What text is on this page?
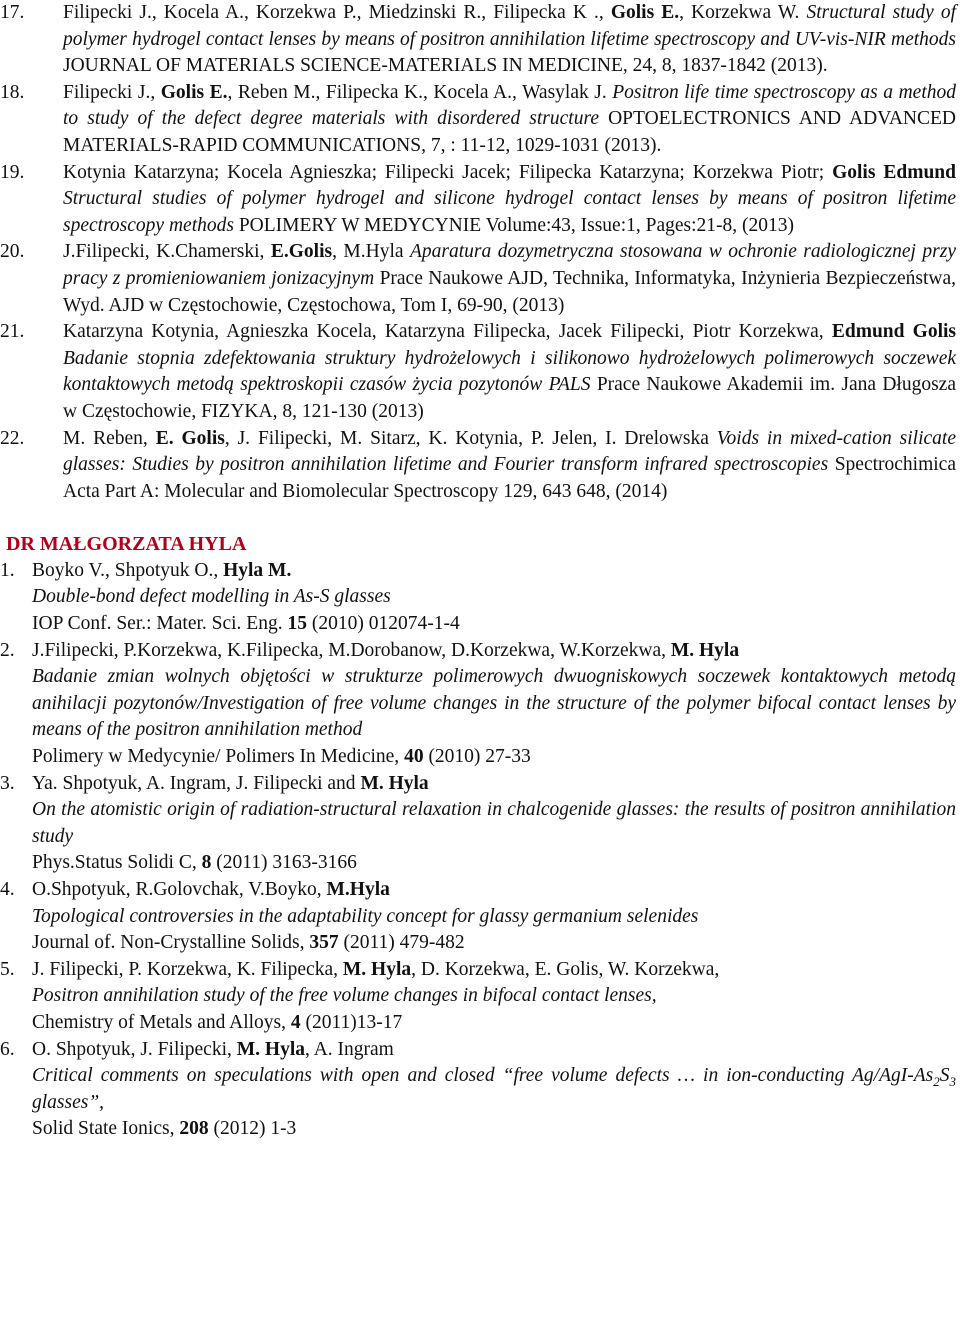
17. Filipecki J., Kocela A., Korzekwa P., Miedzinski R., Filipecka K ., Golis E., Korzekwa W. Structural study of polymer hydrogel contact lenses by means of positron annihilation lifetime spectroscopy and UV-vis-NIR methods JOURNAL OF MATERIALS SCIENCE-MATERIALS IN MEDICINE, 24, 8, 1837-1842 (2013).

18. Filipecki J., Golis E., Reben M., Filipecka K., Kocela A., Wasylak J. Positron life time spectroscopy as a method to study of the defect degree materials with disordered structure OPTOELECTRONICS AND ADVANCED MATERIALS-RAPID COMMUNICATIONS, 7, : 11-12, 1029-1031 (2013).

19. Kotynia Katarzyna; Kocela Agnieszka; Filipecki Jacek; Filipecka Katarzyna; Korzekwa Piotr; Golis Edmund Structural studies of polymer hydrogel and silicone hydrogel contact lenses by means of positron lifetime spectroscopy methods POLIMERY W MEDYCYNIE Volume:43, Issue:1, Pages:21-8, (2013)

20. J.Filipecki, K.Chamerski, E.Golis, M.Hyla Aparatura dozymetryczna stosowana w ochronie radiologicznej przy pracy z promieniowaniem jonizacyjnym Prace Naukowe AJD, Technika, Informatyka, Inżynieria Bezpieczeństwa, Wyd. AJD w Częstochowie, Częstochowa, Tom I, 69-90, (2013)

21. Katarzyna Kotynia, Agnieszka Kocela, Katarzyna Filipecka, Jacek Filipecki, Piotr Korzekwa, Edmund Golis Badanie stopnia zdefektowania struktury hydrożelowych i silikonowo hydrożelowych polimerowych soczewek kontaktowych metodą spektroskopii czasów życia pozytonów PALS Prace Naukowe Akademii im. Jana Długosza w Częstochowie, FIZYKA, 8, 121-130 (2013)

22. M. Reben, E. Golis, J. Filipecki, M. Sitarz, K. Kotynia, P. Jelen, I. Drelowska Voids in mixed-cation silicate glasses: Studies by positron annihilation lifetime and Fourier transform infrared spectroscopies Spectrochimica Acta Part A: Molecular and Biomolecular Spectroscopy 129, 643 648, (2014)

DR MAŁGORZATA HYLA

1. Boyko V., Shpotyuk O., Hyla M.
Double-bond defect modelling in As-S glasses
IOP Conf. Ser.: Mater. Sci. Eng. 15 (2010) 012074-1-4
2. J.Filipecki, P.Korzekwa, K.Filipecka, M.Dorobanow, D.Korzekwa, W.Korzekwa, M. Hyla
Badanie zmian wolnych objętości w strukturze polimerowych dwuogniskowych soczewek kontaktowych metodą anihilacji pozytonów/Investigation of free volume changes in the structure of the polymer bifocal contact lenses by means of the positron annihilation method
Polimery w Medycynie/ Polimers In Medicine, 40 (2010) 27-33
3. Ya. Shpotyuk, A. Ingram, J. Filipecki and M. Hyla
On the atomistic origin of radiation-structural relaxation in chalcogenide glasses: the results of positron annihilation study
Phys.Status Solidi C, 8 (2011) 3163-3166
4. O.Shpotyuk, R.Golovchak, V.Boyko, M.Hyla
Topological controversies in the adaptability concept for glassy germanium selenides
Journal of. Non-Crystalline Solids, 357 (2011) 479-482
5. J. Filipecki, P. Korzekwa, K. Filipecka, M. Hyla, D. Korzekwa, E. Golis, W. Korzekwa,
Positron annihilation study of the free volume changes in bifocal contact lenses,
Chemistry of Metals and Alloys, 4 (2011)13-17
6. O. Shpotyuk, J. Filipecki, M. Hyla, A. Ingram
Critical comments on speculations with open and closed “free volume defects … in ion-conducting $Ag/AgI-As_2S_3$ glasses”,
Solid State Ionics, 208 (2012) 1-3
